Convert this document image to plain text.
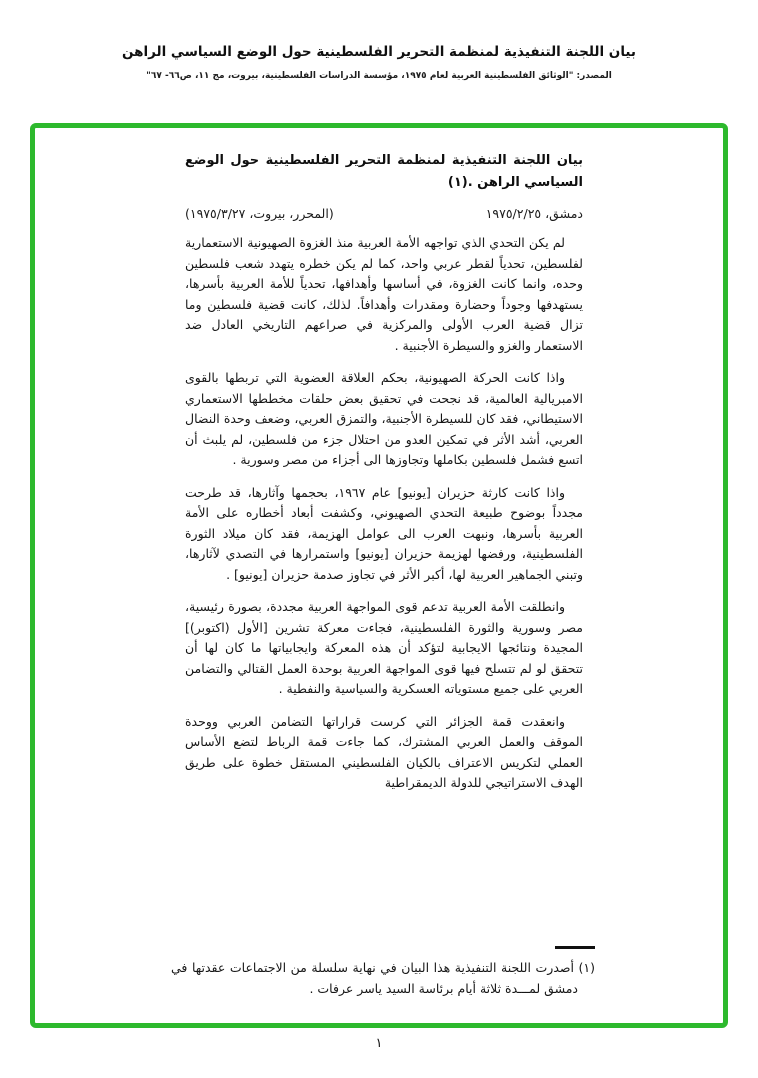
بيان اللجنة التنفيذية لمنظمة التحرير الفلسطينية حول الوضع السياسي الراهن
المصدر: "الوثائق الفلسطينية العربية لعام ١٩٧٥، مؤسسة الدراسات الفلسطينية، بيروت، مج ١١، ص٦٦- ٦٧"
بيان اللجنة التنفيذية لمنظمة التحرير الفلسطينية حول الوضع السياسي الراهن .(١)
دمشق، ٢٥‏/‏٢‏/‏١٩٧٥
(المحرر، بيروت، ٢٧‏/‏٣‏/‏١٩٧٥)

لم يكن التحدي الذي تواجهه الأمة العربية منذ الغزوة الصهيونية الاستعمارية لفلسطين، تحدياً لقطر عربي واحد، كما لم يكن خطره يتهدد شعب فلسطين وحده، وانما كانت الغزوة، في أساسها وأهدافها، تحدياً للأمة العربية بأسرها، يستهدفها وجوداً وحضارة ومقدرات وأهدافاً. لذلك، كانت قضية فلسطين وما تزال قضية العرب الأولى والمركزية في صراعهم التاريخي العادل ضد الاستعمار والغزو والسيطرة الأجنبية .

واذا كانت الحركة الصهيونية، بحكم العلاقة العضوية التي تربطها بالقوى الامبريالية العالمية، قد نجحت في تحقيق بعض حلقات مخططها الاستعماري الاستيطاني، فقد كان للسيطرة الأجنبية، والتمزق العربي، وضعف وحدة النضال العربي، أشد الأثر في تمكين العدو من احتلال جزء من فلسطين، لم يلبث أن اتسع فشمل فلسطين بكاملها وتجاوزها الى أجزاء من مصر وسورية .

واذا كانت كارثة حزيران [يونيو] عام ١٩٦٧، بحجمها وآثارها، قد طرحت مجدداً بوضوح طبيعة التحدي الصهيوني، وكشفت أبعاد أخطاره على الأمة العربية بأسرها، ونبهت العرب الى عوامل الهزيمة، فقد كان ميلاد الثورة الفلسطينية، ورفضها لهزيمة حزيران [يونيو] واستمرارها في التصدي لآثارها، وتبني الجماهير العربية لها، أكبر الأثر في تجاوز صدمة حزيران [يونيو] .

وانطلقت الأمة العربية تدعم قوى المواجهة العربية مجددة، بصورة رئيسية، مصر وسورية والثورة الفلسطينية، فجاءت معركة تشرين [الأول (اكتوبر)] المجيدة ونتائجها الايجابية لتؤكد أن هذه المعركة وايجابياتها ما كان لها أن تتحقق لو لم تتسلح فيها قوى المواجهة العربية بوحدة العمل القتالي والتضامن العربي على جميع مستوياته العسكرية والسياسية والنفطية .

وانعقدت قمة الجزائر التي كرست قراراتها التضامن العربي ووحدة الموقف والعمل العربي المشترك، كما جاءت قمة الرباط لتضع الأساس العملي لتكريس الاعتراف بالكيان الفلسطيني المستقل خطوة على طريق الهدف الاستراتيجي للدولة الديمقراطية

(١) أصدرت اللجنة التنفيذية هذا البيان في نهاية سلسلة من الاجتماعات عقدتها في دمشق لمـــدة ثلاثة أيام برئاسة السيد ياسر عرفات .
١
